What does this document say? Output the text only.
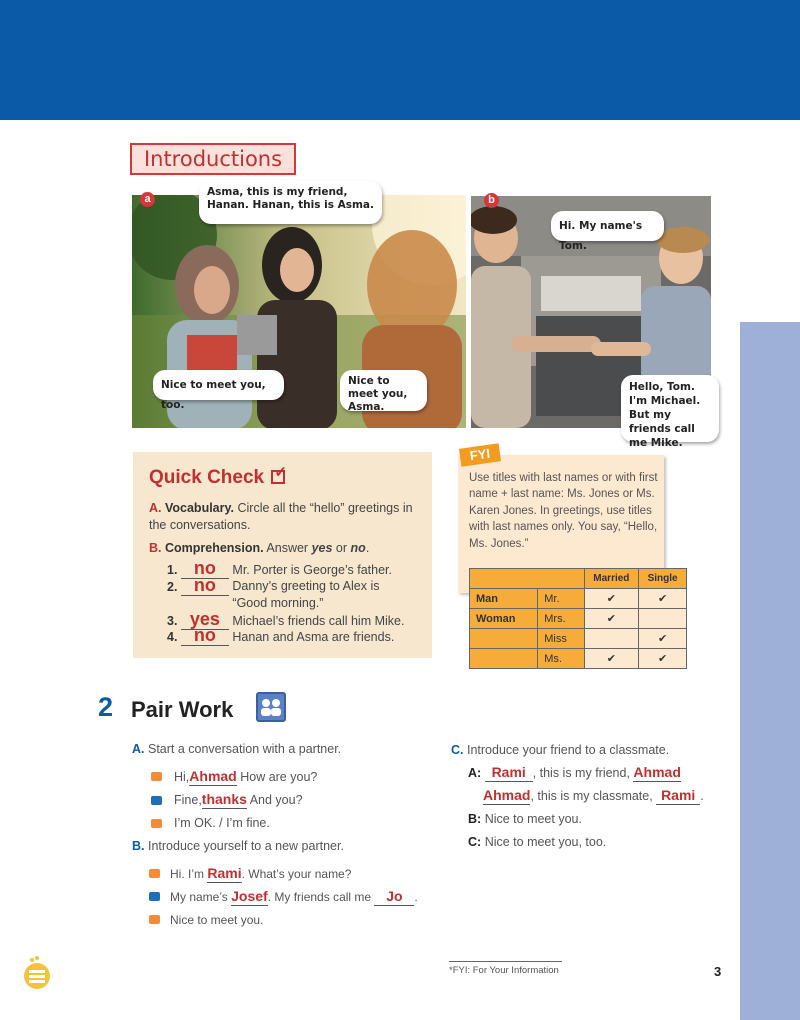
Introductions
a
Asma, this is my friend, Hanan. Hanan, this is Asma.
Nice to meet you, too.
Nice to meet you, Asma.
b
Hi. My name's Tom.
Hello, Tom. I'm Michael. But my friends call me Mike.
Quick Check ✓
A. Vocabulary. Circle all the “hello” greetings in the conversations.
B. Comprehension. Answer yes or no.
1. no Mr. Porter is George’s father.
2. no Danny’s greeting to Alex is “Good morning.”
3. yes Michael’s friends call him Mike.
4. no Hanan and Asma are friends.
FYI
Use titles with last names or with first name + last name: Ms. Jones or Ms. Karen Jones. In greetings, use titles with last names only. You say, “Hello, Ms. Jones.”
		Married	Single
Man	Mr.	✔	✔
Woman	Mrs.	✔	
	Miss		✔
	Ms.	✔	✔
2 Pair Work
A. Start a conversation with a partner.
Hi,Ahmad How are you?
Fine,thanks And you?
I’m OK. / I’m fine.
B. Introduce yourself to a new partner.
Hi. I’m Rami. What’s your name?
My name’s Josef. My friends call me Jo .
Nice to meet you.
C. Introduce your friend to a classmate.
A: Rami , this is my friend, Ahmad
Ahmad, this is my classmate, Rami .
B: Nice to meet you.
C: Nice to meet you, too.
*FYI: For Your Information	3
